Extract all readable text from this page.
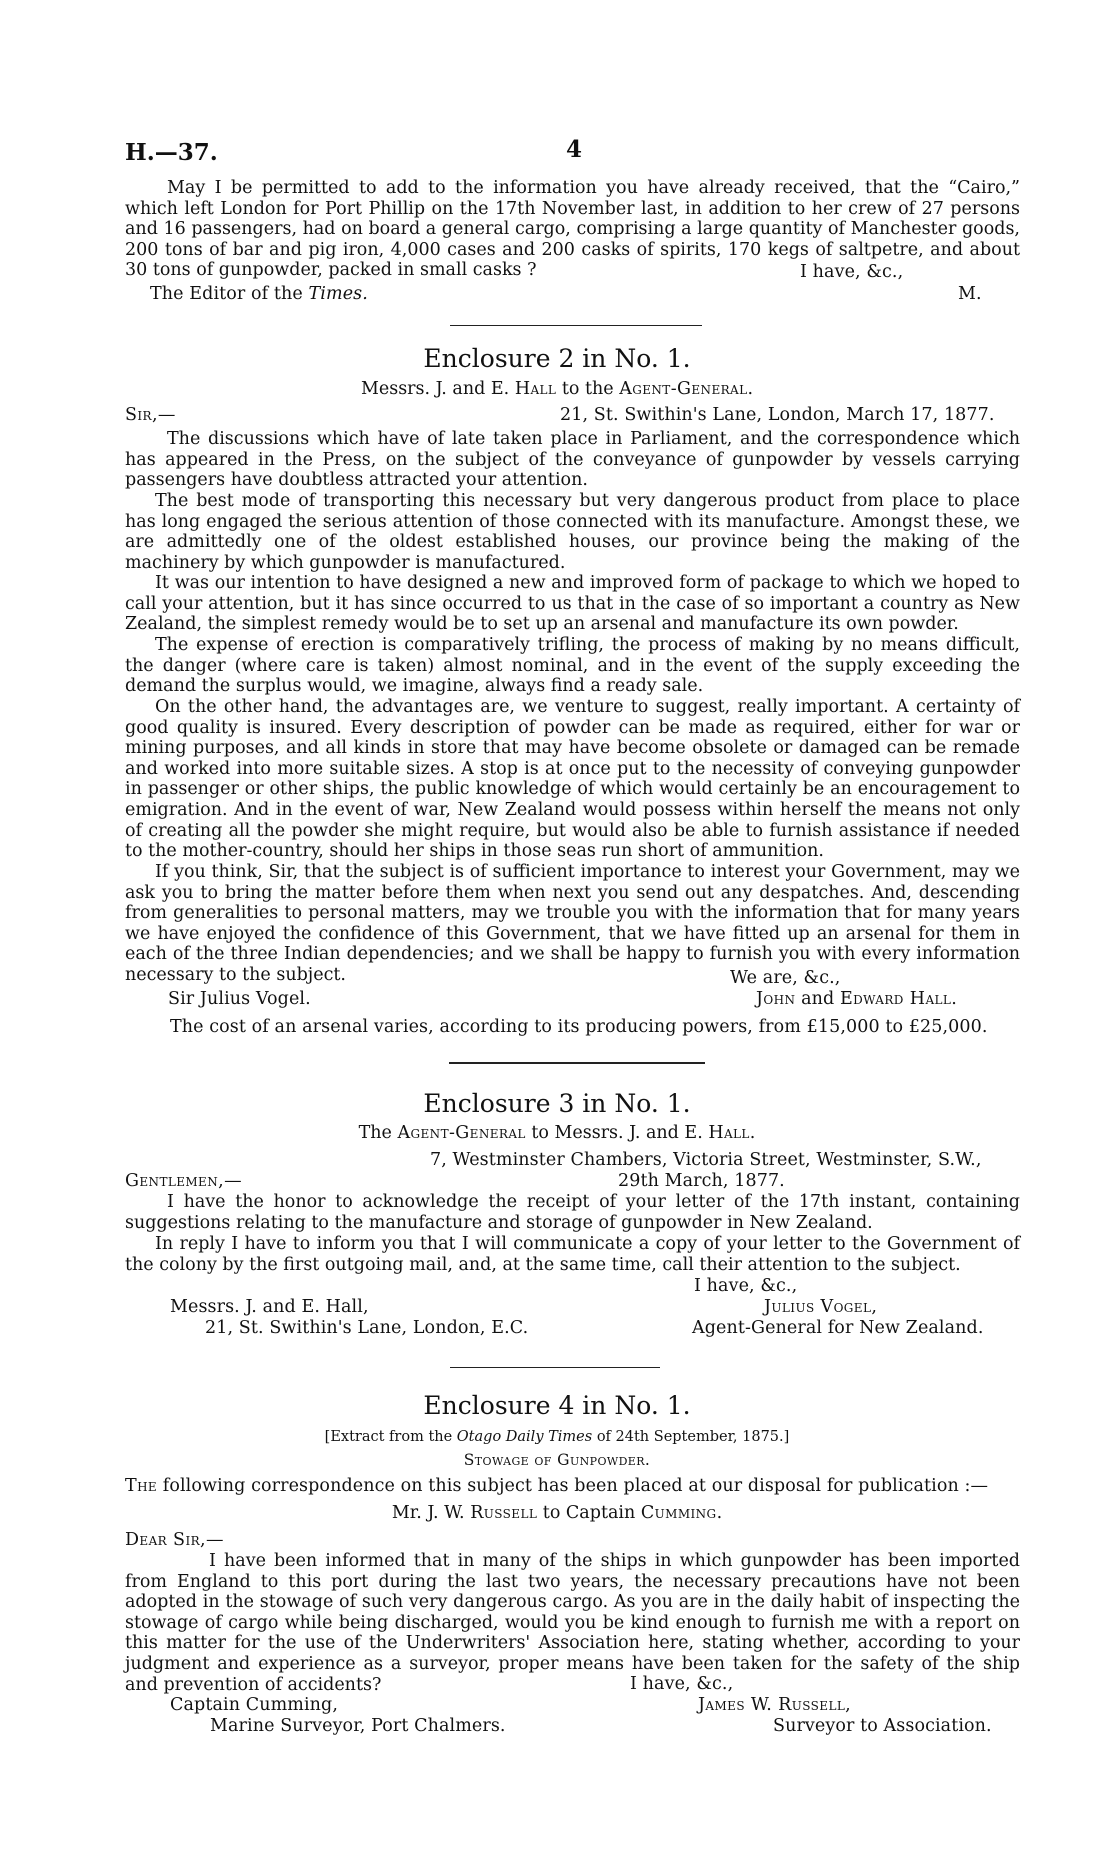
H.—37.	4

May I be permitted to add to the information you have already received, that the “Cairo,” which left London for Port Phillip on the 17th November last, in addition to her crew of 27 persons and 16 passengers, had on board a general cargo, comprising a large quantity of Manchester goods, 200 tons of bar and pig iron, 4,000 cases and 200 casks of spirits, 170 kegs of saltpetre, and about 30 tons of gunpowder, packed in small casks ?	I have, &c.,
The Editor of the Times.	M.
Enclosure 2 in No. 1.
Messrs. J. and E. Hall to the Agent-General.
Sir,—	21, St. Swithin's Lane, London, March 17, 1877.

The discussions which have of late taken place in Parliament, and the correspondence which has appeared in the Press, on the subject of the conveyance of gunpowder by vessels carrying passengers have doubtless attracted your attention.

The best mode of transporting this necessary but very dangerous product from place to place has long engaged the serious attention of those connected with its manufacture. Amongst these, we are admittedly one of the oldest established houses, our province being the making of the machinery by which gunpowder is manufactured.

It was our intention to have designed a new and improved form of package to which we hoped to call your attention, but it has since occurred to us that in the case of so important a country as New Zealand, the simplest remedy would be to set up an arsenal and manufacture its own powder.

The expense of erection is comparatively trifling, the process of making by no means difficult, the danger (where care is taken) almost nominal, and in the event of the supply exceeding the demand the surplus would, we imagine, always find a ready sale.

On the other hand, the advantages are, we venture to suggest, really important. A certainty of good quality is insured. Every description of powder can be made as required, either for war or mining purposes, and all kinds in store that may have become obsolete or damaged can be remade and worked into more suitable sizes. A stop is at once put to the necessity of conveying gunpowder in passenger or other ships, the public knowledge of which would certainly be an encouragement to emigration. And in the event of war, New Zealand would possess within herself the means not only of creating all the powder she might require, but would also be able to furnish assistance if needed to the mother-country, should her ships in those seas run short of ammunition.

If you think, Sir, that the subject is of sufficient importance to interest your Government, may we ask you to bring the matter before them when next you send out any despatches. And, descending from generalities to personal matters, may we trouble you with the information that for many years we have enjoyed the confidence of this Government, that we have fitted up an arsenal for them in each of the three Indian dependencies; and we shall be happy to furnish you with every information necessary to the subject.	We are, &c.,
Sir Julius Vogel.	John and Edward Hall.
The cost of an arsenal varies, according to its producing powers, from £15,000 to £25,000.
Enclosure 3 in No. 1.
The Agent-General to Messrs. J. and E. Hall.
7, Westminster Chambers, Victoria Street, Westminster, S.W.,
Gentlemen,—	29th March, 1877.

I have the honor to acknowledge the receipt of your letter of the 17th instant, containing suggestions relating to the manufacture and storage of gunpowder in New Zealand.

In reply I have to inform you that I will communicate a copy of your letter to the Government of the colony by the first outgoing mail, and, at the same time, call their attention to the subject.

I have, &c.,
Messrs. J. and E. Hall,	Julius Vogel,
21, St. Swithin's Lane, London, E.C.	Agent-General for New Zealand.
Enclosure 4 in No. 1.
[Extract from the Otago Daily Times of 24th September, 1875.]
Stowage of Gunpowder.
The following correspondence on this subject has been placed at our disposal for publication :—
Mr. J. W. Russell to Captain Cumming.
Dear Sir,—

I have been informed that in many of the ships in which gunpowder has been imported from England to this port during the last two years, the necessary precautions have not been adopted in the stowage of such very dangerous cargo. As you are in the daily habit of inspecting the stowage of cargo while being discharged, would you be kind enough to furnish me with a report on this matter for the use of the Underwriters' Association here, stating whether, according to your judgment and experience as a surveyor, proper means have been taken for the safety of the ship and prevention of accidents?	I have, &c.,
Captain Cumming,	James W. Russell,
Marine Surveyor, Port Chalmers.	Surveyor to Association.
